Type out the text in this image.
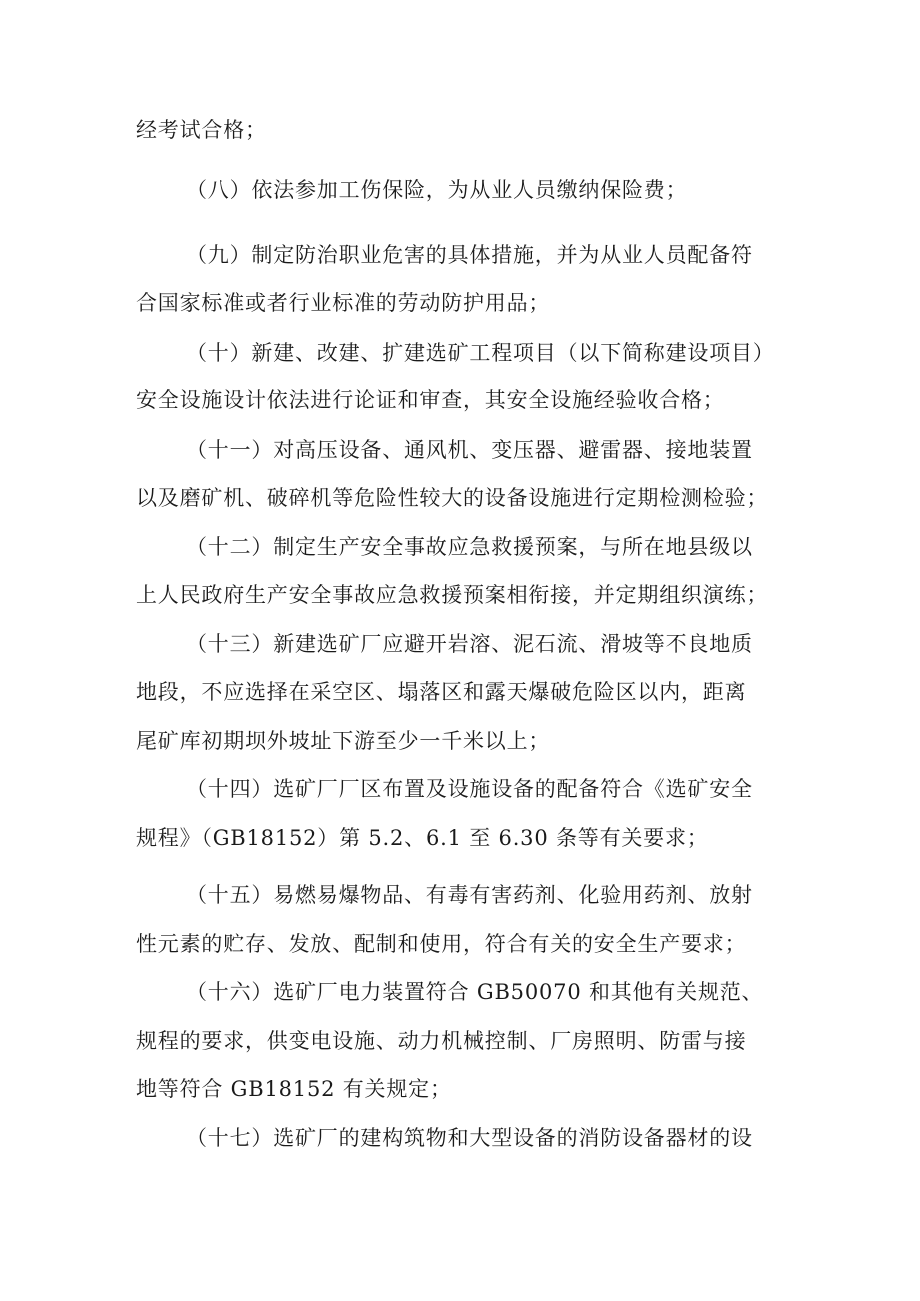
经考试合格；

（八）依法参加工伤保险，为从业人员缴纳保险费；

（九）制定防治职业危害的具体措施，并为从业人员配备符

合国家标准或者行业标准的劳动防护用品；

（十）新建、改建、扩建选矿工程项目（以下简称建设项目）

安全设施设计依法进行论证和审查，其安全设施经验收合格；

（十一）对高压设备、通风机、变压器、避雷器、接地装置

以及磨矿机、破碎机等危险性较大的设备设施进行定期检测检验；

（十二）制定生产安全事故应急救援预案，与所在地县级以

上人民政府生产安全事故应急救援预案相衔接，并定期组织演练；

（十三）新建选矿厂应避开岩溶、泥石流、滑坡等不良地质

地段，不应选择在采空区、塌落区和露天爆破危险区以内，距离

尾矿库初期坝外坡址下游至少一千米以上；

（十四）选矿厂厂区布置及设施设备的配备符合《选矿安全

规程》（GB18152）第 5.2、6.1 至 6.30 条等有关要求；

（十五）易燃易爆物品、有毒有害药剂、化验用药剂、放射

性元素的贮存、发放、配制和使用，符合有关的安全生产要求；

（十六）选矿厂电力装置符合 GB50070 和其他有关规范、

规程的要求，供变电设施、动力机械控制、厂房照明、防雷与接

地等符合 GB18152 有关规定；

（十七）选矿厂的建构筑物和大型设备的消防设备器材的设
